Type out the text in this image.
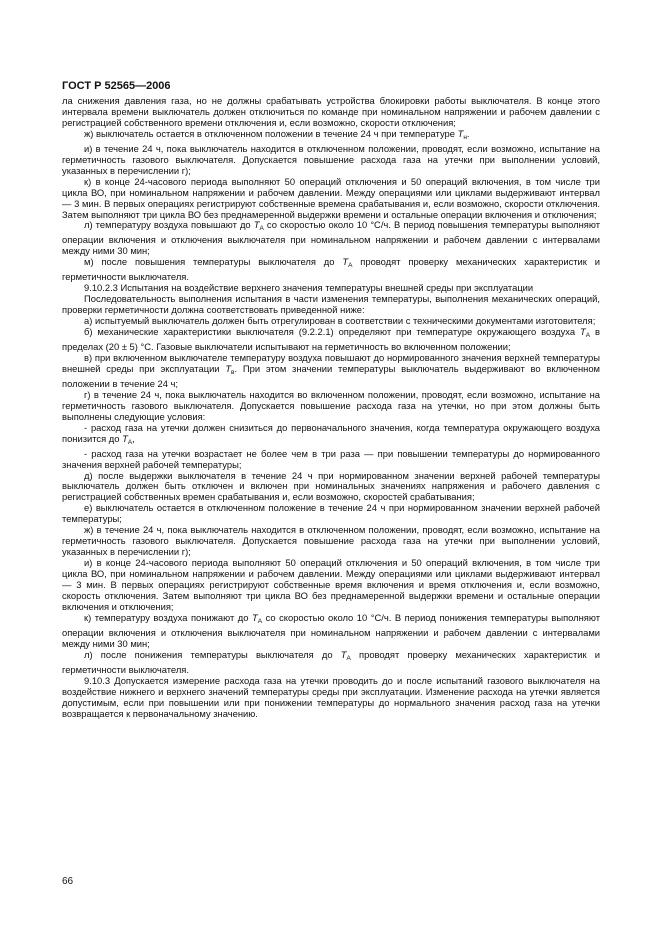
ГОСТ Р 52565—2006

ла снижения давления газа, но не должны срабатывать устройства блокировки работы выключателя. В конце этого интервала времени выключатель должен отключиться по команде при номинальном напряжении и рабочем давлении с регистрацией собственного времени отключения и, если возможно, скорости отключения;

ж) выключатель остается в отключенном положении в течение 24 ч при температуре $T_н$.

и) в течение 24 ч, пока выключатель находится в отключенном положении, проводят, если возможно, испытание на герметичность газового выключателя. Допускается повышение расхода газа на утечки при выполнении условий, указанных в перечислении г);

к) в конце 24-часового периода выполняют 50 операций отключения и 50 операций включения, в том числе три цикла ВО, при номинальном напряжении и рабочем давлении. Между операциями или циклами выдерживают интервал — 3 мин. В первых операциях регистрируют собственные времена срабатывания и, если возможно, скорости отключения. Затем выполняют три цикла ВО без преднамеренной выдержки времени и остальные операции включения и отключения;

л) температуру воздуха повышают до $T_A$ со скоростью около 10 °С/ч. В период повышения температуры выполняют операции включения и отключения выключателя при номинальном напряжении и рабочем давлении с интервалами между ними 30 мин;

м) после повышения температуры выключателя до $T_A$ проводят проверку механических характеристик и герметичности выключателя.

9.10.2.3 Испытания на воздействие верхнего значения температуры внешней среды при эксплуатации

Последовательность выполнения испытания в части изменения температуры, выполнения механических операций, проверки герметичности должна соответствовать приведенной ниже:

а) испытуемый выключатель должен быть отрегулирован в соответствии с техническими документами изготовителя;

б) механические характеристики выключателя (9.2.2.1) определяют при температуре окружающего воздуха $T_A$ в пределах (20 ± 5) °С. Газовые выключатели испытывают на герметичность во включенном положении;

в) при включенном выключателе температуру воздуха повышают до нормированного значения верхней температуры внешней среды при эксплуатации $T_в$. При этом значении температуры выключатель выдерживают во включенном положении в течение 24 ч;

г) в течение 24 ч, пока выключатель находится во включенном положении, проводят, если возможно, испытание на герметичность газового выключателя. Допускается повышение расхода газа на утечки, но при этом должны быть выполнены следующие условия:

- расход газа на утечки должен снизиться до первоначального значения, когда температура окружающего воздуха понизится до $T_A$,

- расход газа на утечки возрастает не более чем в три раза — при повышении температуры до нормированного значения верхней рабочей температуры;

д) после выдержки выключателя в течение 24 ч при нормированном значении верхней рабочей температуры выключатель должен быть отключен и включен при номинальных значениях напряжения и рабочего давления с регистрацией собственных времен срабатывания и, если возможно, скоростей срабатывания;

е) выключатель остается в отключенном положение в течение 24 ч при нормированном значении верхней рабочей температуры;

ж) в течение 24 ч, пока выключатель находится в отключенном положении, проводят, если возможно, испытание на герметичность газового выключателя. Допускается повышение расхода газа на утечки при выполнении условий, указанных в перечислении г);

и) в конце 24-часового периода выполняют 50 операций отключения и 50 операций включения, в том числе три цикла ВО, при номинальном напряжении и рабочем давлении. Между операциями или циклами выдерживают интервал — 3 мин. В первых операциях регистрируют собственные время включения и время отключения и, если возможно, скорость отключения. Затем выполняют три цикла ВО без преднамеренной выдержки времени и остальные операции включения и отключения;

к) температуру воздуха понижают до $T_A$ со скоростью около 10 °С/ч. В период понижения температуры выполняют операции включения и отключения выключателя при номинальном напряжении и рабочем давлении с интервалами между ними 30 мин;

л) после понижения температуры выключателя до $T_A$ проводят проверку механических характеристик и герметичности выключателя.

9.10.3 Допускается измерение расхода газа на утечки проводить до и после испытаний газового выключателя на воздействие нижнего и верхнего значений температуры среды при эксплуатации. Изменение расхода на утечки является допустимым, если при повышении или при понижении температуры до нормального значения расход газа на утечки возвращается к первоначальному значению.

66
